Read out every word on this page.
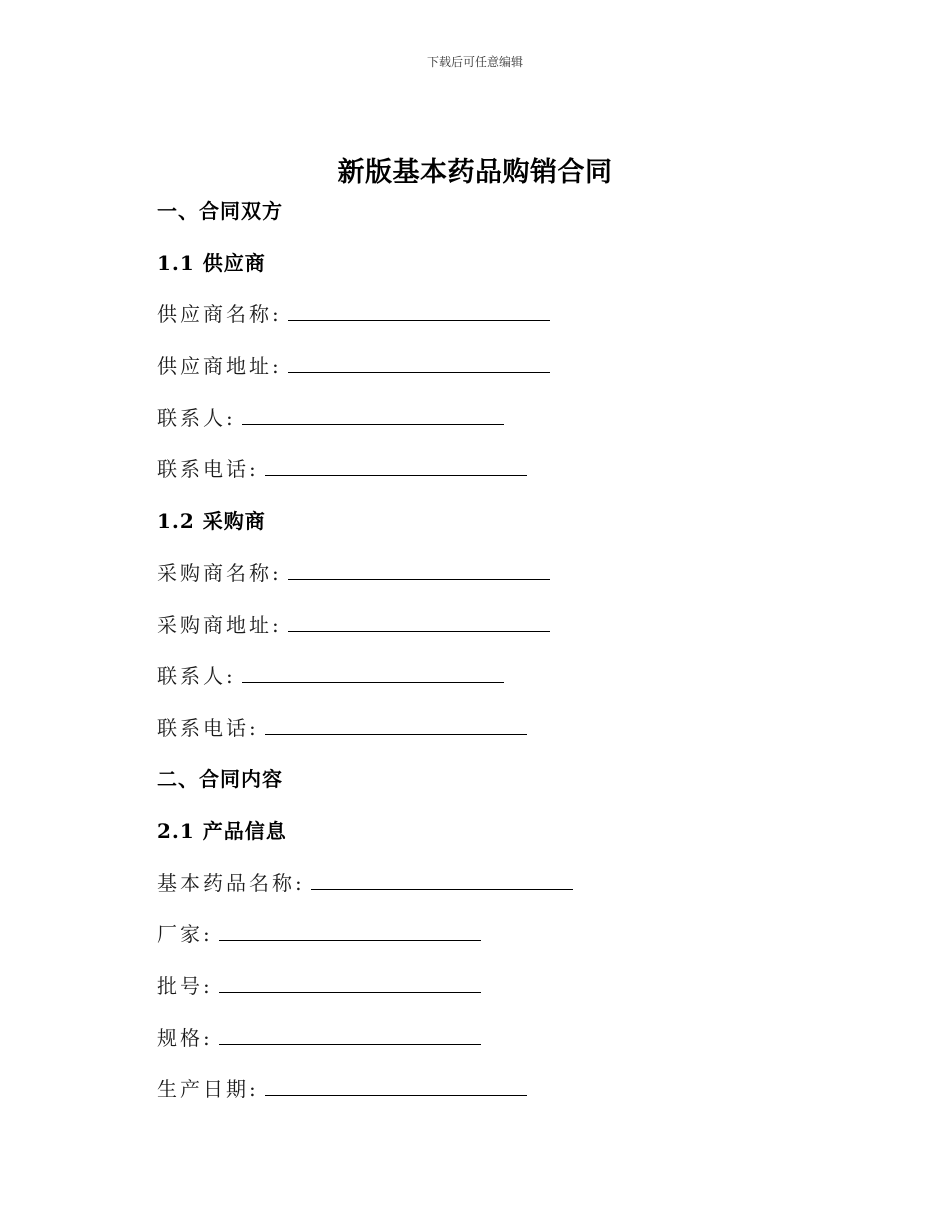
下载后可任意编辑
新版基本药品购销合同
一、合同双方
1.1 供应商
供应商名称:
供应商地址:
联系人:
联系电话:
1.2 采购商
采购商名称:
采购商地址:
联系人:
联系电话:
二、合同内容
2.1 产品信息
基本药品名称:
厂家:
批号:
规格:
生产日期:
